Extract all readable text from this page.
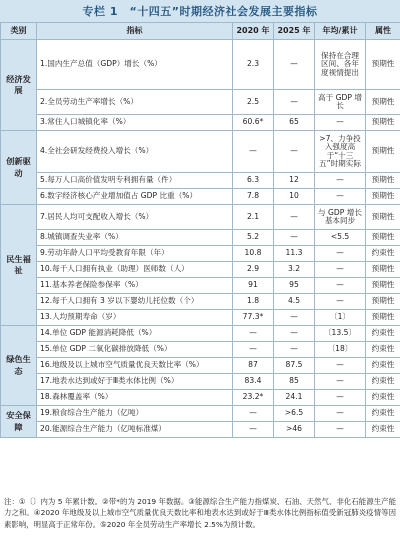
专栏 1　“十四五”时期经济社会发展主要指标
类别	指标	2020 年	2025 年	年均/累计	属性
经济发展	1.国内生产总值（GDP）增长（%）	2.3	—	保持在合理区间、各年度视情提出	预期性
	2.全员劳动生产率增长（%）	2.5	—	高于 GDP 增长	预期性
	3.常住人口城镇化率（%）	60.6*	65	—	预期性
创新驱动	4.全社会研发经费投入增长（%）	—	—	>7、力争投入强度高于“十三五”时期实际	预期性
	5.每万人口高价值发明专利拥有量（件）	6.3	12	—	预期性
	6.数字经济核心产业增加值占 GDP 比重（%）	7.8	10	—	预期性
民生福祉	7.居民人均可支配收入增长（%）	2.1	—	与 GDP 增长基本同步	预期性
	8.城镇调查失业率（%）	5.2	—	<5.5	预期性
	9.劳动年龄人口平均受教育年限（年）	10.8	11.3	—	约束性
	10.每千人口拥有执业（助理）医师数（人）	2.9	3.2	—	预期性
	11.基本养老保险参保率（%）	91	95	—	预期性
	12.每千人口拥有 3 岁以下婴幼儿托位数（个）	1.8	4.5	—	预期性
	13.人均预期寿命（岁）	77.3*	—	〔1〕	预期性
绿色生态	14.单位 GDP 能源消耗降低（%）	—	—	〔13.5〕	约束性
	15.单位 GDP 二氧化碳排放降低（%）	—	—	〔18〕	约束性
	16.地级及以上城市空气质量优良天数比率（%）	87	87.5	—	约束性
	17.地表水达到或好于Ⅲ类水体比例（%）	83.4	85	—	约束性
	18.森林覆盖率（%）	23.2*	24.1	—	约束性
安全保障	19.粮食综合生产能力（亿吨）	—	>6.5	—	约束性
	20.能源综合生产能力（亿吨标准煤）	—	>46	—	约束性
注：①〔〕内为 5 年累计数。②带*的为 2019 年数据。③能源综合生产能力指煤炭、石油、天然气、非化石能源生产能力之和。④2020 年地级及以上城市空气质量优良天数比率和地表水达到或好于Ⅲ类水体比例指标值受新冠肺炎疫情等因素影响，明显高于正常年份。⑤2020 年全员劳动生产率增长 2.5%为预计数。
